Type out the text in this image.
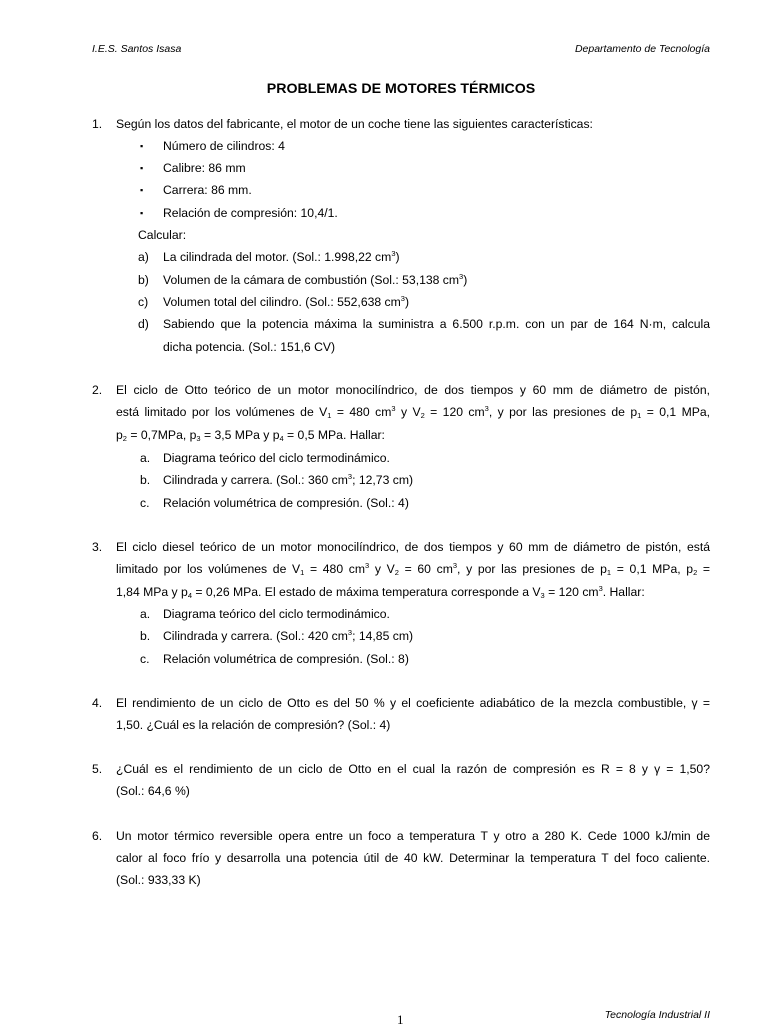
I.E.S. Santos Isasa	Departamento de Tecnología
PROBLEMAS DE MOTORES TÉRMICOS
1. Según los datos del fabricante, el motor de un coche tiene las siguientes características:
▪ Número de cilindros: 4
▪ Calibre: 86 mm
▪ Carrera: 86 mm.
▪ Relación de compresión: 10,4/1.
Calcular:
a) La cilindrada del motor. (Sol.: 1.998,22 $cm^3$)
b) Volumen de la cámara de combustión (Sol.: 53,138 $cm^3$)
c) Volumen total del cilindro. (Sol.: 552,638 $cm^3$)
d) Sabiendo que la potencia máxima la suministra a 6.500 r.p.m. con un par de 164 N·m, calcula
dicha potencia. (Sol.: 151,6 CV)
2. El ciclo de Otto teórico de un motor monocilíndrico, de dos tiempos y 60 mm de diámetro de pistón,
está limitado por los volúmenes de $V_1 = 480$ $cm^3$ y $V_2 = 120$ $cm^3$, y por las presiones de $p_1 = 0,1$ MPa,
$p_2 = 0,7MPa$, $p_3 = 3,5$ MPa y $p_4 = 0,5$ MPa. Hallar:
a. Diagrama teórico del ciclo termodinámico.
b. Cilindrada y carrera. (Sol.: 360 $cm^3$; 12,73 cm)
c. Relación volumétrica de compresión. (Sol.: 4)
3. El ciclo diesel teórico de un motor monocilíndrico, de dos tiempos y 60 mm de diámetro de pistón, está
limitado por los volúmenes de $V_1 = 480$ $cm^3$ y $V_2 = 60$ $cm^3$, y por las presiones de $p_1 = 0,1$ MPa, $p_2$ =
1,84 MPa y $p_4 = 0,26$ MPa. El estado de máxima temperatura corresponde a $V_3 = 120$ $cm^3$. Hallar:
a. Diagrama teórico del ciclo termodinámico.
b. Cilindrada y carrera. (Sol.: 420 $cm^3$; 14,85 cm)
c. Relación volumétrica de compresión. (Sol.: 8)
4. El rendimiento de un ciclo de Otto es del 50 % y el coeficiente adiabático de la mezcla combustible, γ =
1,50. ¿Cuál es la relación de compresión? (Sol.: 4)
5. ¿Cuál es el rendimiento de un ciclo de Otto en el cual la razón de compresión es R = 8 y γ = 1,50?
(Sol.: 64,6 %)
6. Un motor térmico reversible opera entre un foco a temperatura T y otro a 280 K. Cede 1000 kJ/min de
calor al foco frío y desarrolla una potencia útil de 40 kW. Determinar la temperatura T del foco caliente.
(Sol.: 933,33 K)
1	Tecnología Industrial II
